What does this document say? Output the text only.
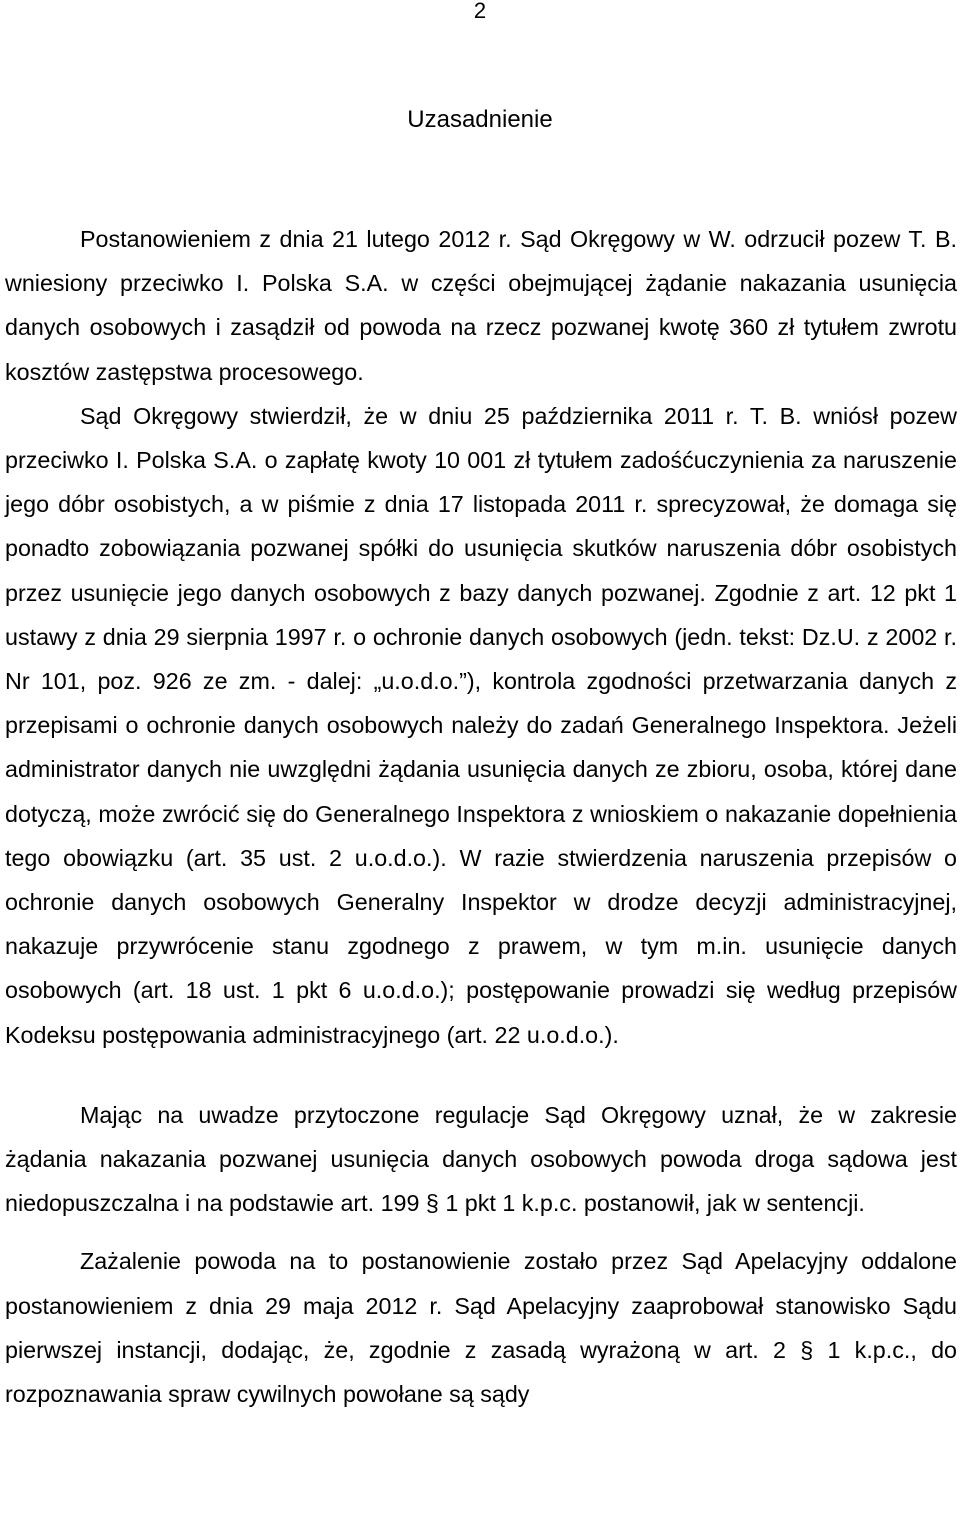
2
Uzasadnienie

Postanowieniem z dnia 21 lutego 2012 r. Sąd Okręgowy w W. odrzucił pozew T. B. wniesiony przeciwko I. Polska S.A. w części obejmującej żądanie nakazania usunięcia danych osobowych i zasądził od powoda na rzecz pozwanej kwotę 360 zł tytułem zwrotu kosztów zastępstwa procesowego.

Sąd Okręgowy stwierdził, że w dniu 25 października 2011 r. T. B. wniósł pozew przeciwko I. Polska S.A. o zapłatę kwoty 10 001 zł tytułem zadośćuczynienia za naruszenie jego dóbr osobistych, a w piśmie z dnia 17 listopada 2011 r. sprecyzował, że domaga się ponadto zobowiązania pozwanej spółki do usunięcia skutków naruszenia dóbr osobistych przez usunięcie jego danych osobowych z bazy danych pozwanej. Zgodnie z art. 12 pkt 1 ustawy z dnia 29 sierpnia 1997 r. o ochronie danych osobowych (jedn. tekst: Dz.U. z 2002 r. Nr 101, poz. 926 ze zm. - dalej: „u.o.d.o.”), kontrola zgodności przetwarzania danych z przepisami o ochronie danych osobowych należy do zadań Generalnego Inspektora. Jeżeli administrator danych nie uwzględni żądania usunięcia danych ze zbioru, osoba, której dane dotyczą, może zwrócić się do Generalnego Inspektora z wnioskiem o nakazanie dopełnienia tego obowiązku (art. 35 ust. 2 u.o.d.o.). W razie stwierdzenia naruszenia przepisów o ochronie danych osobowych Generalny Inspektor w drodze decyzji administracyjnej, nakazuje przywrócenie stanu zgodnego z prawem, w tym m.in. usunięcie danych osobowych (art. 18 ust. 1 pkt 6 u.o.d.o.); postępowanie prowadzi się według przepisów Kodeksu postępowania administracyjnego (art. 22 u.o.d.o.).

Mając na uwadze przytoczone regulacje Sąd Okręgowy uznał, że w zakresie żądania nakazania pozwanej usunięcia danych osobowych powoda droga sądowa jest niedopuszczalna i na podstawie art. 199 § 1 pkt 1 k.p.c. postanowił, jak w sentencji.

Zażalenie powoda na to postanowienie zostało przez Sąd Apelacyjny oddalone postanowieniem z dnia 29 maja 2012 r. Sąd Apelacyjny zaaprobował stanowisko Sądu pierwszej instancji, dodając, że, zgodnie z zasadą wyrażoną w art. 2 § 1 k.p.c., do rozpoznawania spraw cywilnych powołane są sądy
